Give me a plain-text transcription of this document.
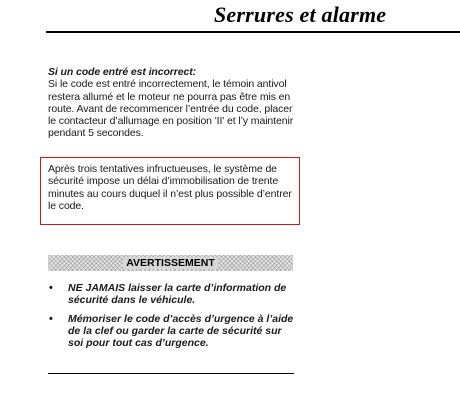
Serrures et alarme
Si un code entré est incorrect:

Si le code est entré incorrectement, le témoin antivol restera allumé et le moteur ne pourra pas être mis en route. Avant de recommencer l’entrée du code, placer le contacteur d’allumage en position 'II' et l’y maintenir pendant 5 secondes.

Après trois tentatives infructueuses, le système de sécurité impose un délai d’immobilisation de trente minutes au cours duquel il n’est plus possible d’entrer le code.
AVERTISSEMENT
• NE JAMAIS laisser la carte d’information de sécurité dans le véhicule.
• Mémoriser le code d’accès d’urgence à l’aide de la clef ou garder la carte de sécurité sur soi pour tout cas d’urgence.
